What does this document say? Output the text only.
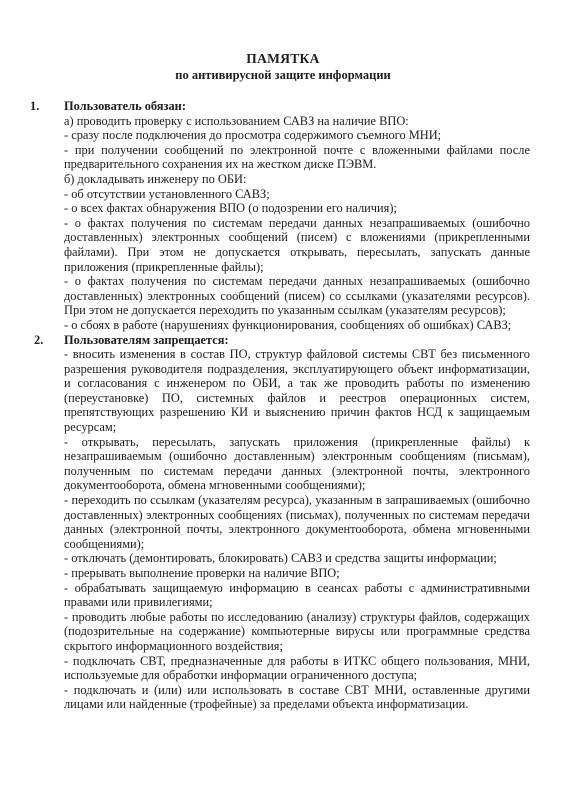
ПАМЯТКА
по антивирусной защите информации
1. Пользователь обязан:
а) проводить проверку с использованием САВЗ на наличие ВПО:
- сразу после подключения до просмотра содержимого съемного МНИ;
- при получении сообщений по электронной почте с вложенными файлами после предварительного сохранения их на жестком диске ПЭВМ.
б) докладывать инженеру по ОБИ:
- об отсутствии установленного САВЗ;
- о всех фактах обнаружения ВПО (о подозрении его наличия);
- о фактах получения по системам передачи данных незапрашиваемых (ошибочно доставленных) электронных сообщений (писем) с вложениями (прикрепленными файлами). При этом не допускается открывать, пересылать, запускать данные приложения (прикрепленные файлы);
- о фактах получения по системам передачи данных незапрашиваемых (ошибочно доставленных) электронных сообщений (писем) со ссылками (указателями ресурсов). При этом не допускается переходить по указанным ссылкам (указателям ресурсов);
- о сбоях в работе (нарушениях функционирования, сообщениях об ошибках) САВЗ;
2. Пользователям запрещается:
- вносить изменения в состав ПО, структур файловой системы СВТ без письменного разрешения руководителя подразделения, эксплуатирующего объект информатизации, и согласования с инженером по ОБИ, а так же проводить работы по изменению (переустановке) ПО, системных файлов и реестров операционных систем, препятствующих разрешению КИ и выяснению причин фактов НСД к защищаемым ресурсам;
- открывать, пересылать, запускать приложения (прикрепленные файлы) к незапрашиваемым (ошибочно доставленным) электронным сообщениям (письмам), полученным по системам передачи данных (электронной почты, электронного документооборота, обмена мгновенными сообщениями);
- переходить по ссылкам (указателям ресурса), указанным в запрашиваемых (ошибочно доставленных) электронных сообщениях (письмах), полученных по системам передачи данных (электронной почты, электронного документооборота, обмена мгновенными сообщениями);
- отключать (демонтировать, блокировать) САВЗ и средства защиты информации;
- прерывать выполнение проверки на наличие ВПО;
- обрабатывать защищаемую информацию в сеансах работы с административными правами или привилегиями;
- проводить любые работы по исследованию (анализу) структуры файлов, содержащих (подозрительные на содержание) компьютерные вирусы или программные средства скрытого информационного воздействия;
- подключать СВТ, предназначенные для работы в ИТКС общего пользования, МНИ, используемые для обработки информации ограниченного доступа;
- подключать и (или) или использовать в составе СВТ МНИ, оставленные другими лицами или найденные (трофейные) за пределами объекта информатизации.
